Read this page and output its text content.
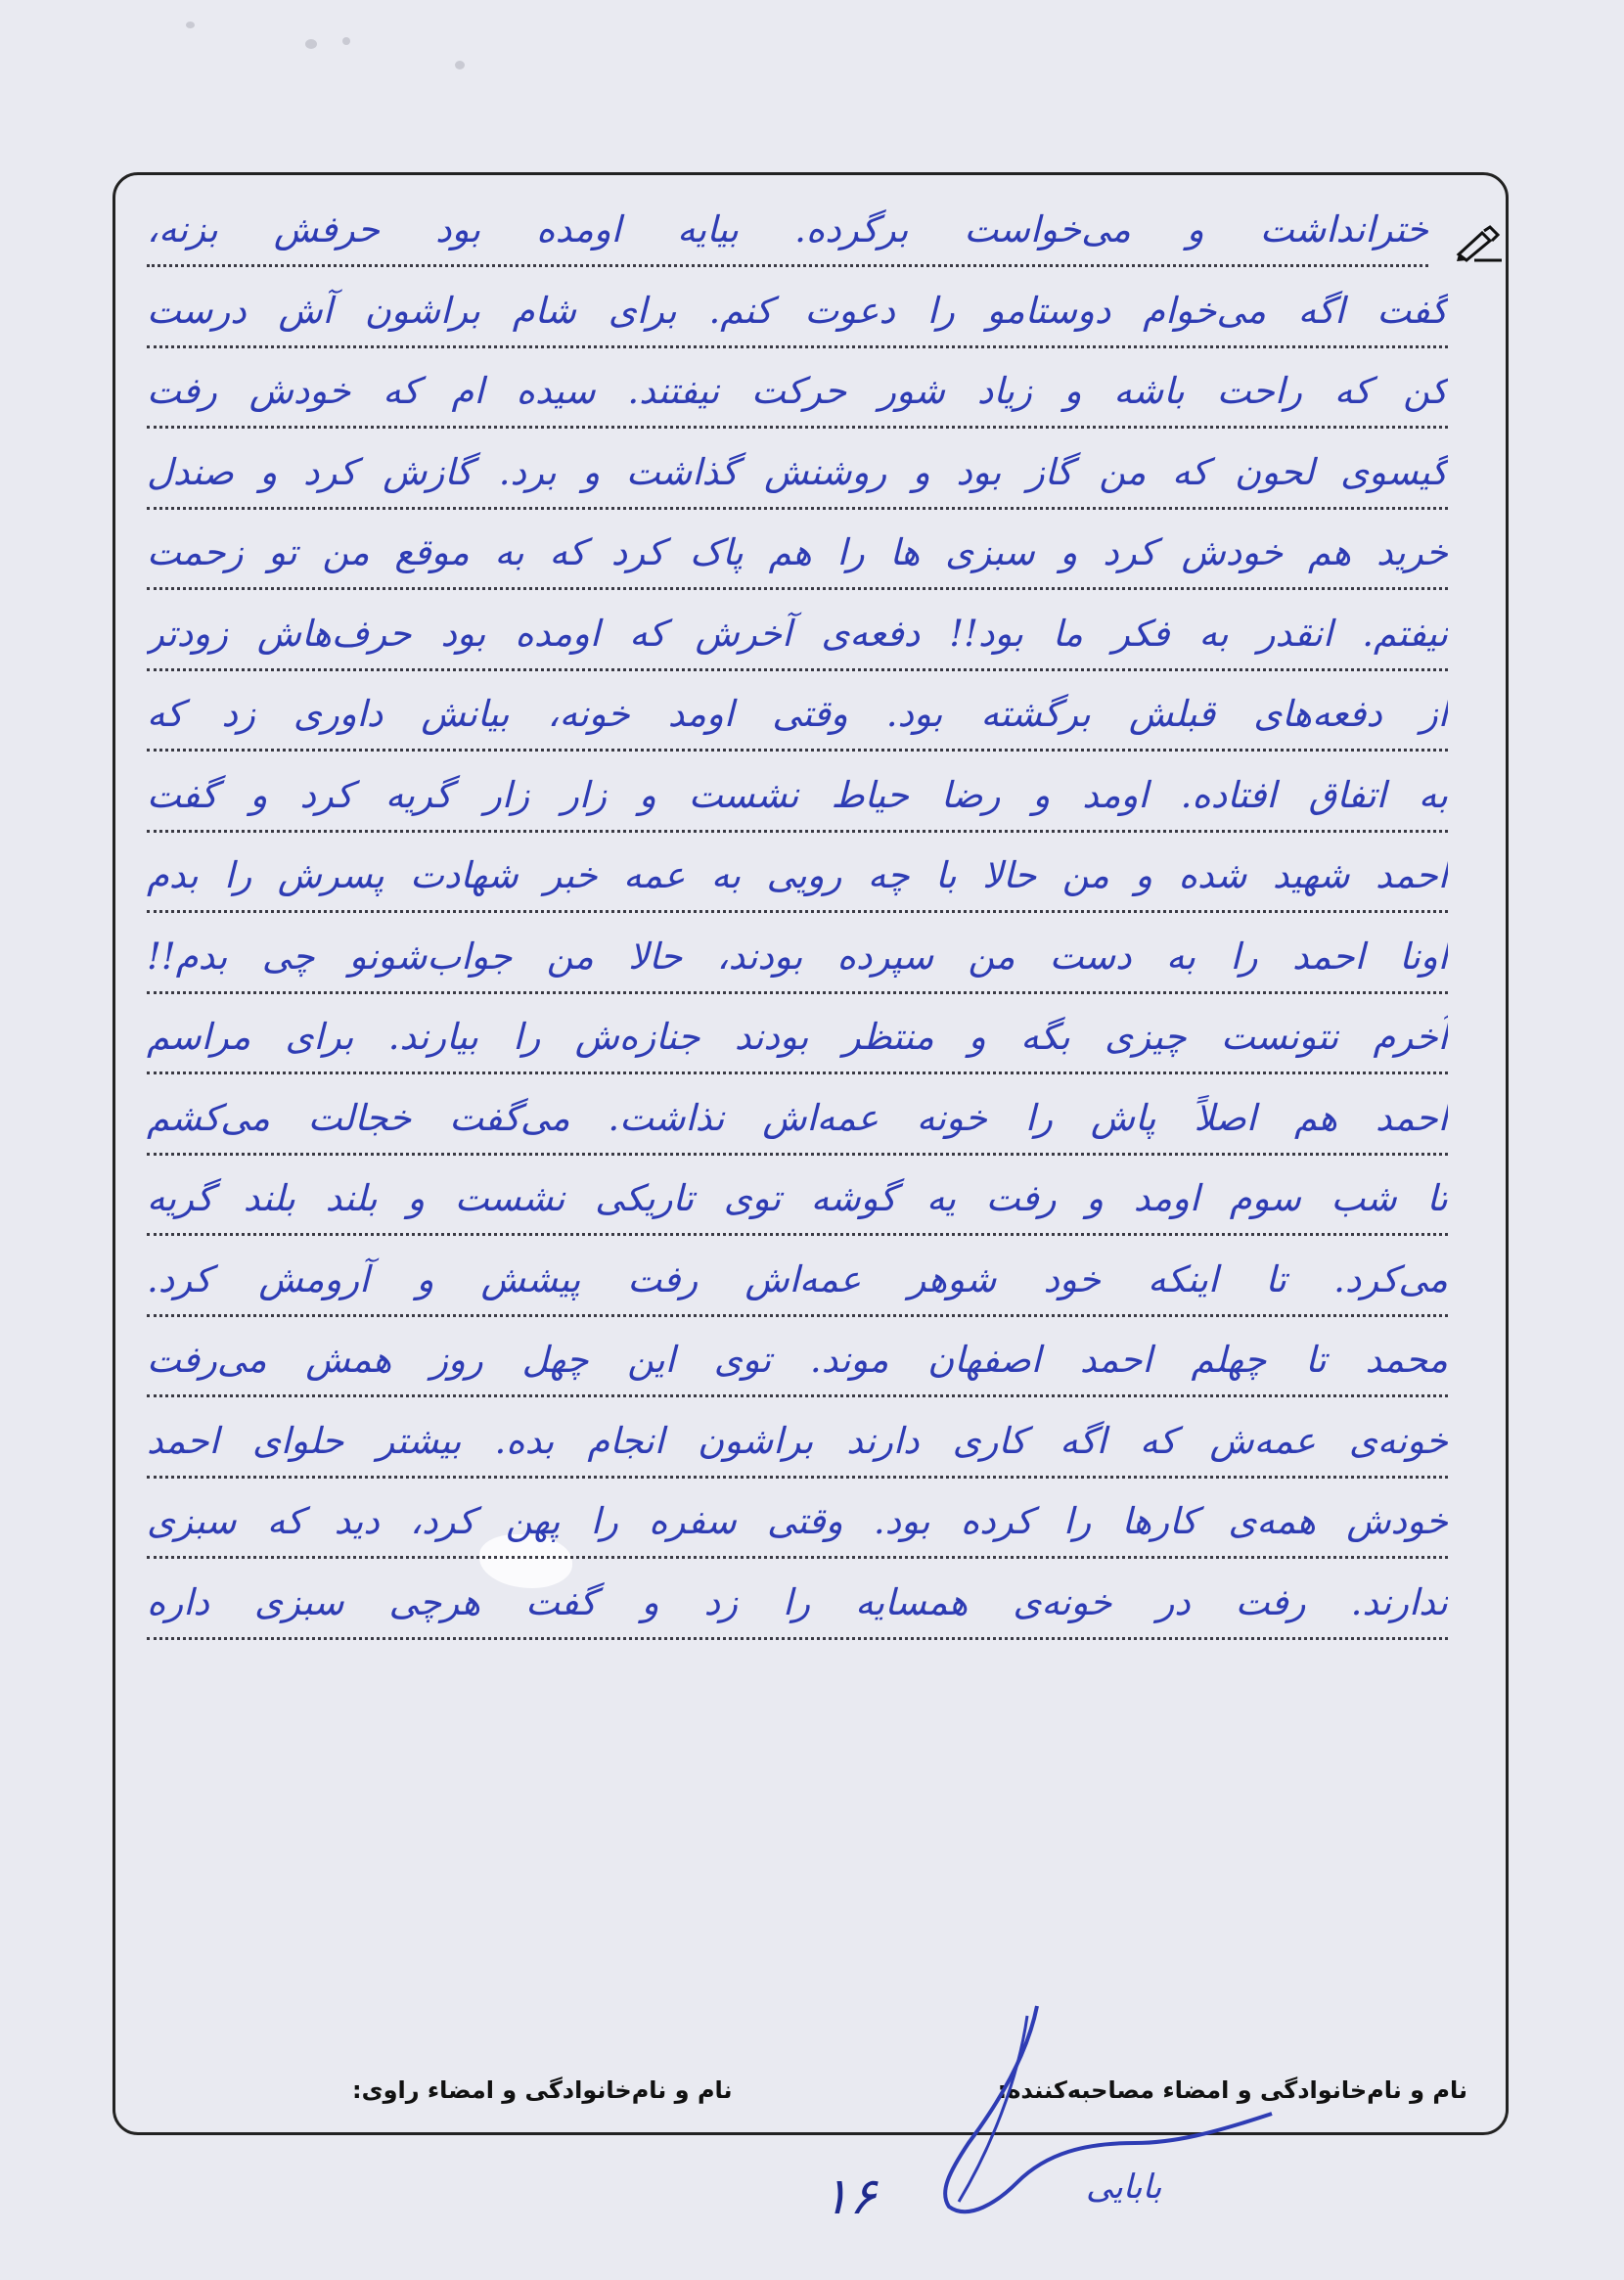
خترانداشت و می‌خواست برگرده. بیایه اومده بود حرفش بزنه،
گفت اگه می‌خوام دوستامو را دعوت کنم. برای شام براشون آش درست
کن که راحت باشه و زیاد شور حرکت نیفتند. سیده ام که خودش رفت
گیسوی لحون که من گاز بود و روشنش گذاشت و برد. گازش کرد و صندل
خرید هم خودش کرد و سبزی ها را هم پاک کرد که به موقع من تو زحمت
نیفتم. انقدر به فکر ما بود!! دفعه‌ی آخرش که اومده بود حرف‌هاش زودتر
از دفعه‌های قبلش برگشته بود. وقتی اومد خونه، بیانش داوری زد که
به اتفاق افتاده. اومد و رضا حیاط نشست و زار زار گریه کرد و گفت
احمد شهید شده و من حالا با چه رویی به عمه خبر شهادت پسرش را بدم
اونا احمد را به دست من سپرده بودند، حالا من جواب‌شونو چی بدم!!
آخرم نتونست چیزی بگه و منتظر بودند جنازه‌ش را بیارند. برای مراسم
احمد هم اصلاً پاش را خونه عمه‌اش نذاشت. می‌گفت خجالت می‌کشم
تا شب سوم اومد و رفت یه گوشه توی تاریکی نشست و بلند بلند گریه
می‌کرد. تا اینکه خود شوهر عمه‌اش رفت پیشش و آرومش کرد.
محمد تا چهلم احمد اصفهان موند. توی این چهل روز همش می‌رفت
خونه‌ی عمه‌ش که اگه کاری دارند براشون انجام بده. بیشتر حلوای احمد
خودش همه‌ی کارها را کرده بود. وقتی سفره را پهن کرد، دید که سبزی
ندارند. رفت در خونه‌ی همسایه را زد و گفت هرچی سبزی داره
نام و نام‌خانوادگی و امضاء مصاحبه‌کننده:
نام و نام‌خانوادگی و امضاء راوی:
بابایی
۱۶
